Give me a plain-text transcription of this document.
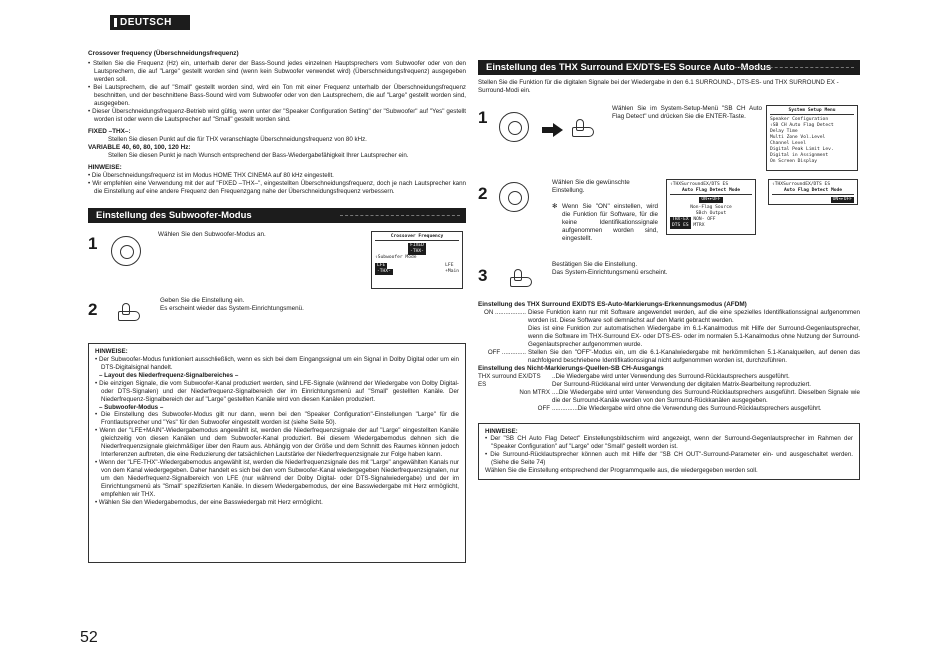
DEUTSCH
Crossover frequency (Überschneidungsfrequenz)
• Stellen Sie die Frequenz (Hz) ein, unterhalb derer der Bass-Sound jedes einzelnen Hauptsprechers vom Subwoofer oder von den Lautsprechern, die auf "Large" gestellt worden sind (wenn kein Subwoofer verwendet wird) (Überschneidungsfrequenz) ausgegeben werden soll.
• Bei Lautsprechern, die auf "Small" gestellt worden sind, wird ein Ton mit einer Frequenz unterhalb der Überschneidungsfrequenz beschnitten, und der beschnittene Bass-Sound wird vom Subwoofer oder von den Lautsprechern, die auf "Large" gestellt worden sind, ausgegeben.
• Dieser Überschneidungsfrequenz-Betrieb wird gültig, wenn unter der "Speaker Configuration Setting" der "Subwoofer" auf "Yes" gestellt worden ist oder wenn die Lautsprecher auf "Small" gestellt worden sind.
FIXED –THX–:
Stellen Sie diesen Punkt auf die für THX veranschlagte Überschneidungsfrequenz von 80 kHz.
VARIABLE 40, 60, 80, 100, 120 Hz:
Stellen Sie diesen Punkt je nach Wunsch entsprechend der Bass-Wiedergabefähigkeit Ihrer Lautsprecher ein.
HINWEISE:
• Die Überschneidungsfrequenz ist im Modus HOME THX CINEMA auf 80 kHz eingestellt.
• Wir empfehlen eine Verwendung mit der auf "FIXED –THX–", eingestellten Überschneidungsfrequenz, doch je nach Lautsprecher kann die Einstellung auf eine andere Frequenz den Frequenzgang nahe der Überschneidungsfrequenz verbessern.
Einstellung des Subwoofer-Modus
1	Wählen Sie den Subwoofer-Modus an.	Crossover Frequency
FIXED
-THX-
⇧Subwoofer Mode
LFE
-THX-
LFE
+Main
2	Geben Sie die Einstellung ein.
Es erscheint wieder das System-Einrichtungsmenü.
HINWEISE:
• Der Subwoofer-Modus funktioniert ausschließlich, wenn es sich bei dem Eingangssignal um ein Signal in Dolby Digital oder um ein DTS-Digitalsignal handelt.
– Layout des Niederfrequenz-Signalbereiches –
• Die einzigen Signale, die vom Subwoofer-Kanal produziert werden, sind LFE-Signale (während der Wiedergabe von Dolby Digital- oder DTS-Signalen) und der Niederfrequenz-Signalbereich der im Einrichtungsmenü auf "Small" gestellten Kanäle. Der Niederfrequenz-Signalbereich der auf "Large" gestellten Kanäle wird von diesen Kanälen produziert.
– Subwoofer-Modus –
• Die Einstellung des Subwoofer-Modus gilt nur dann, wenn bei den "Speaker Configuration"-Einstellungen "Large" für die Frontlautsprecher und "Yes" für den Subwoofer eingestellt worden ist (siehe Seite 50).
• Wenn der "LFE+MAIN"-Wiedergabemodus angewählt ist, werden die Niederfrequenzsignale der auf "Large" eingestellten Kanäle gleichzeitig von diesen Kanälen und dem Subwoofer-Kanal produziert. Bei diesem Wiedergabemodus dehnen sich die Niederfrequenzsignale gleichmäßiger über den Raum aus. Abhängig von der Größe und dem Schnitt des Raumes können jedoch Interferenzen auftreten, die eine Reduzierung der tatsächlichen Lautstärke der Niederfrequenzsignale zur Folge haben kann.
• Wenn der "LFE-THX"-Wiedergabemodus angewählt ist, werden die Niederfrequenzsignale des mit "Large" angewählten Kanals nur von dem Kanal wiedergegeben. Daher handelt es sich bei den vom Subwoofer-Kanal wiedergegeben Niederfrequenzsignalen, nur um den Niederfrequenz-Signalbereich von LFE (nur während der Dolby Digital- oder DTS-Signalwiedergabe) und der im Einrichtungsmenü als "Small" spezifizierten Kanäle. In diesem Wiedergabemodus, der eine Basswiedergabe mit Herz ermöglicht, empfehlen wir THX.
• Wählen Sie den Wiedergabemodus, der eine Basswiedergab mit Herz ermöglicht.
Einstellung des THX Surround EX/DTS-ES Source Auto -Modus
Stellen Sie die Funktion für die digitalen Signale bei der Wiedergabe in den 6.1 SURROUND-, DTS-ES- und THX SURROUND EX -Surround-Modi ein.
1	Wählen Sie im System-Setup-Menü "SB CH Auto Flag Detect" und drücken Sie die ENTER-Taste.
System Setup Menu
Speaker Configuration
⇧SB CH Auto Flag Detect
Delay Time
Multi Zone Vol.Level
Channel Level
Digital Peak Limit Lev.
Digital in Assignment
On Screen Display
2
Wählen Sie die gewünschte Einstellung.
✻ Wenn Sie "ON" einstellen, wird die Funktion für Software, für die keine Identifikationssignale aufgenommen worden sind, eingestellt.
⇧THXSurroundEX/DTS ES
Auto Flag Detect Mode
ON◂▸OFF
Non-Flag Source
SBch Output
THX-EX NON- OFF
DTS ES MTRX
⇧THXSurroundEX/DTS ES
Auto Flag Detect Mode
ON◂▸OFF
3
Bestätigen Sie die Einstellung.
Das System-Einrichtungsmenü erscheint.
Einstellung des THX Surround EX/DTS ES-Auto-Markierungs-Erkennungsmodus (AFDM)
ON .................. Diese Funktion kann nur mit Software angewendet werden, auf die eine spezielles Identifikationssignal aufgenommen worden ist. Diese Software soll demnächst auf den Markt gebracht werden.
Dies ist eine Funktion zur automatischen Wiedergabe im 6.1-Kanalmodus mit Hilfe der Surround-Gegenlautsprecher, wenn die Software im THX-Surround EX- oder DTS-ES- oder im normalen 5.1-Kanalmodus ohne Nutzung der Surround-Gegenlautsprecher aufgenommen wurde.
OFF .............. Stellen Sie den "OFF"-Modus ein, um die 6.1-Kanalwiedergabe mit herkömmlichen 5.1-Kanalquellen, auf denen das nachfolgend beschriebene Identifikationssignal nicht aufgenommen worden ist, durchzuführen.
Einstellung des Nicht-Markierungs-Quellen-SB CH-Ausgangs
THX surround EX/DTS ES
..Die Wiedergabe wird unter Verwendung des Surround-Rücklautsprechers ausgeführt.
Der Surround-Rückkanal wird unter Verwendung der digitalen Matrix-Bearbeitung reproduziert.
Non MTRX ....Die Wiedergabe wird unter Verwendung des Surround-Rücklautsprechers ausgeführt. Dieselben Signale wie die der Surround-Kanäle werden von den Surround-Rückkanälen ausgegeben.
OFF ...............Die Wiedergabe wird ohne die Verwendung des Surround-Rücklautsprechers ausgeführt.
HINWEISE:
• Der "SB CH Auto Flag Detect" Einstellungsbildschirm wird angezeigt, wenn der Surround-Gegenlautsprecher im Rahmen der "Speaker Configuration" auf "Large" oder "Small" gestellt worden ist.
• Die Surround-Rücklautsprecher können auch mit Hilfe der "SB CH OUT"-Surround-Parameter ein- und ausgeschaltet werden. (Siehe die Seite 74)
Wählen Sie die Einstellung entsprechend der Programmquelle aus, die wiedergegeben werden soll.
52
